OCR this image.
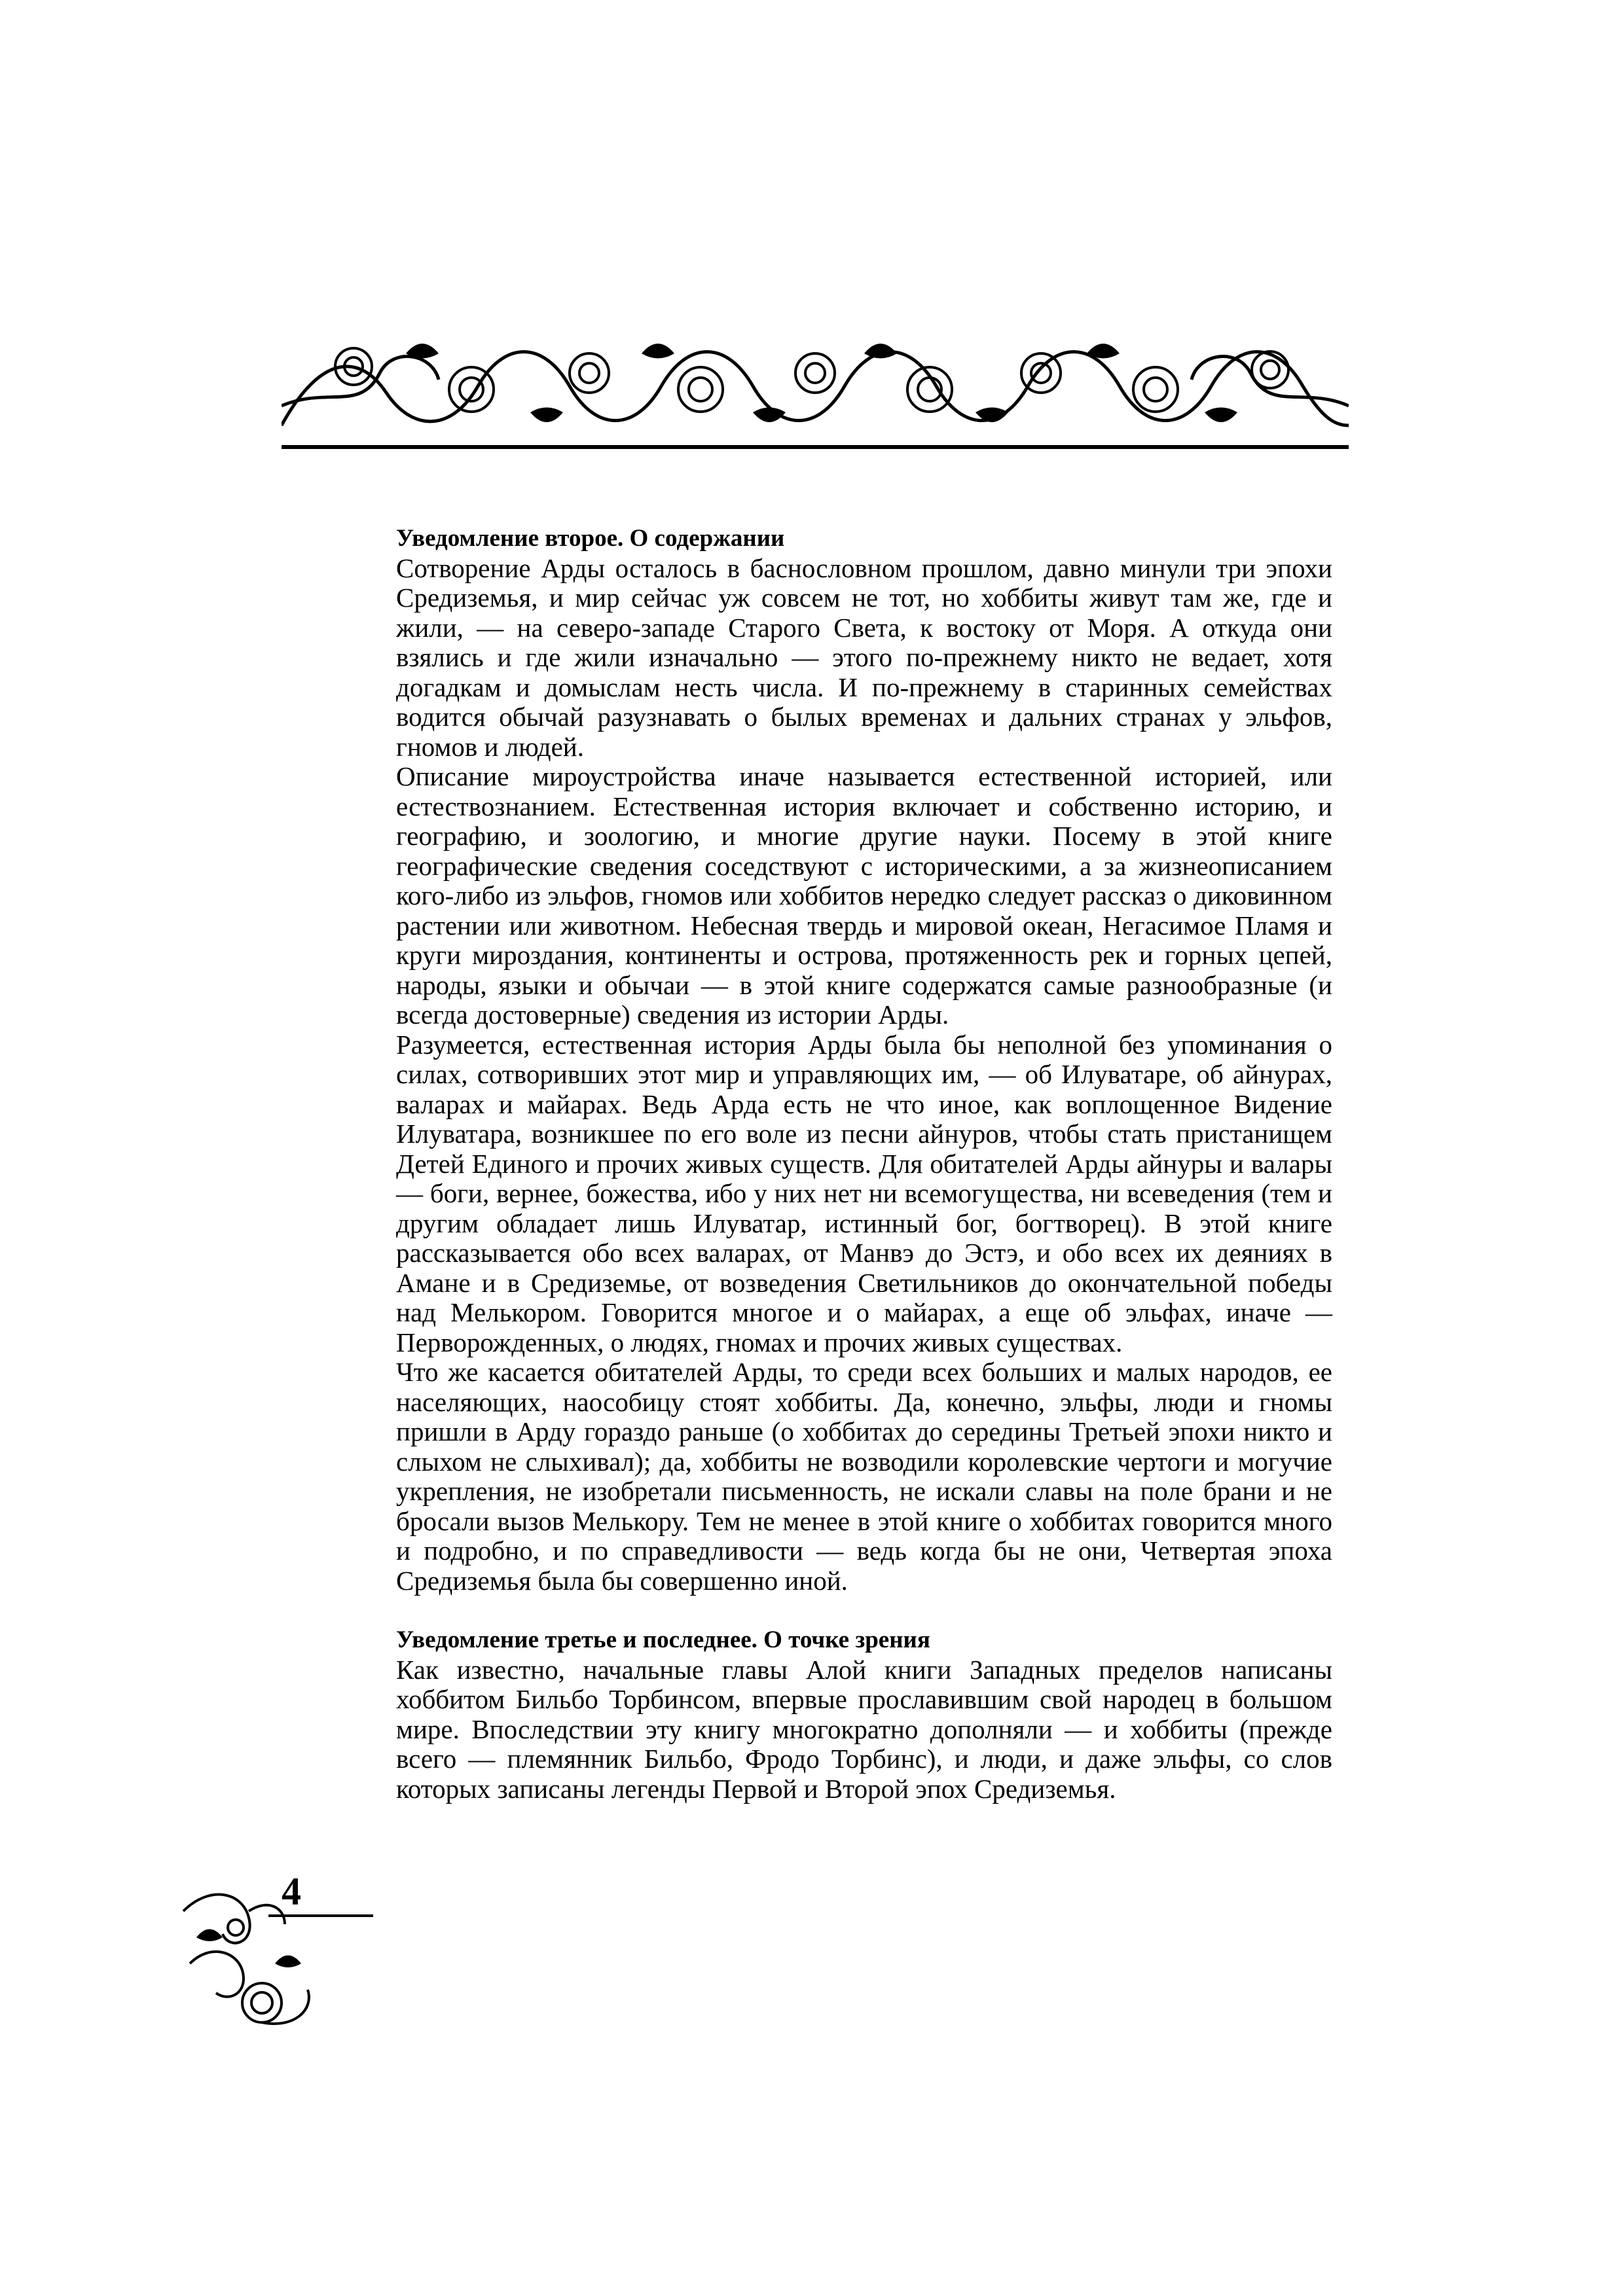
Уведомление второе. О содержании

Сотворение Арды осталось в баснословном прошлом, давно минули три эпохи Средиземья, и мир сейчас уж совсем не тот, но хоббиты живут там же, где и жили, — на северо-западе Старого Света, к востоку от Моря. А откуда они взялись и где жили изначально — этого по-прежнему никто не ведает, хотя догадкам и домыслам несть числа. И по-прежнему в старинных семействах водится обычай разузнавать о былых временах и дальних странах у эльфов, гномов и людей.

Описание мироустройства иначе называется естественной историей, или естествознанием. Естественная история включает и собственно историю, и географию, и зоологию, и многие другие науки. Посему в этой книге географические сведения соседствуют с историческими, а за жизнеописанием кого-либо из эльфов, гномов или хоббитов нередко следует рассказ о диковинном растении или животном. Небесная твердь и мировой океан, Негасимое Пламя и круги мироздания, континенты и острова, протяженность рек и горных цепей, народы, языки и обычаи — в этой книге содержатся самые разнообразные (и всегда достоверные) сведения из истории Арды.

Разумеется, естественная история Арды была бы неполной без упоминания о силах, сотворивших этот мир и управляющих им, — об Илуватаре, об айнурах, валарах и майарах. Ведь Арда есть не что иное, как воплощенное Видение Илуватара, возникшее по его воле из песни айнуров, чтобы стать пристанищем Детей Единого и прочих живых существ. Для обитателей Арды айнуры и валары — боги, вернее, божества, ибо у них нет ни всемогущества, ни всеведения (тем и другим обладает лишь Илуватар, истинный бог, богтворец). В этой книге рассказывается обо всех валарах, от Манвэ до Эстэ, и обо всех их деяниях в Амане и в Средиземье, от возведения Светильников до окончательной победы над Мелькором. Говорится многое и о майарах, а еще об эльфах, иначе — Перворожденных, о людях, гномах и прочих живых существах.

Что же касается обитателей Арды, то среди всех больших и малых народов, ее населяющих, наособицу стоят хоббиты. Да, конечно, эльфы, люди и гномы пришли в Арду гораздо раньше (о хоббитах до середины Третьей эпохи никто и слыхом не слыхивал); да, хоббиты не возводили королевские чертоги и могучие укрепления, не изобретали письменность, не искали славы на поле брани и не бросали вызов Мелькору. Тем не менее в этой книге о хоббитах говорится много и подробно, и по справедливости — ведь когда бы не они, Четвертая эпоха Средиземья была бы совершенно иной.

Уведомление третье и последнее. О точке зрения

Как известно, начальные главы Алой книги Западных пределов написаны хоббитом Бильбо Торбинсом, впервые прославившим свой народец в большом мире. Впоследствии эту книгу многократно дополняли — и хоббиты (прежде всего — племянник Бильбо, Фродо Торбинс), и люди, и даже эльфы, со слов которых записаны легенды Первой и Второй эпох Средиземья.

4
